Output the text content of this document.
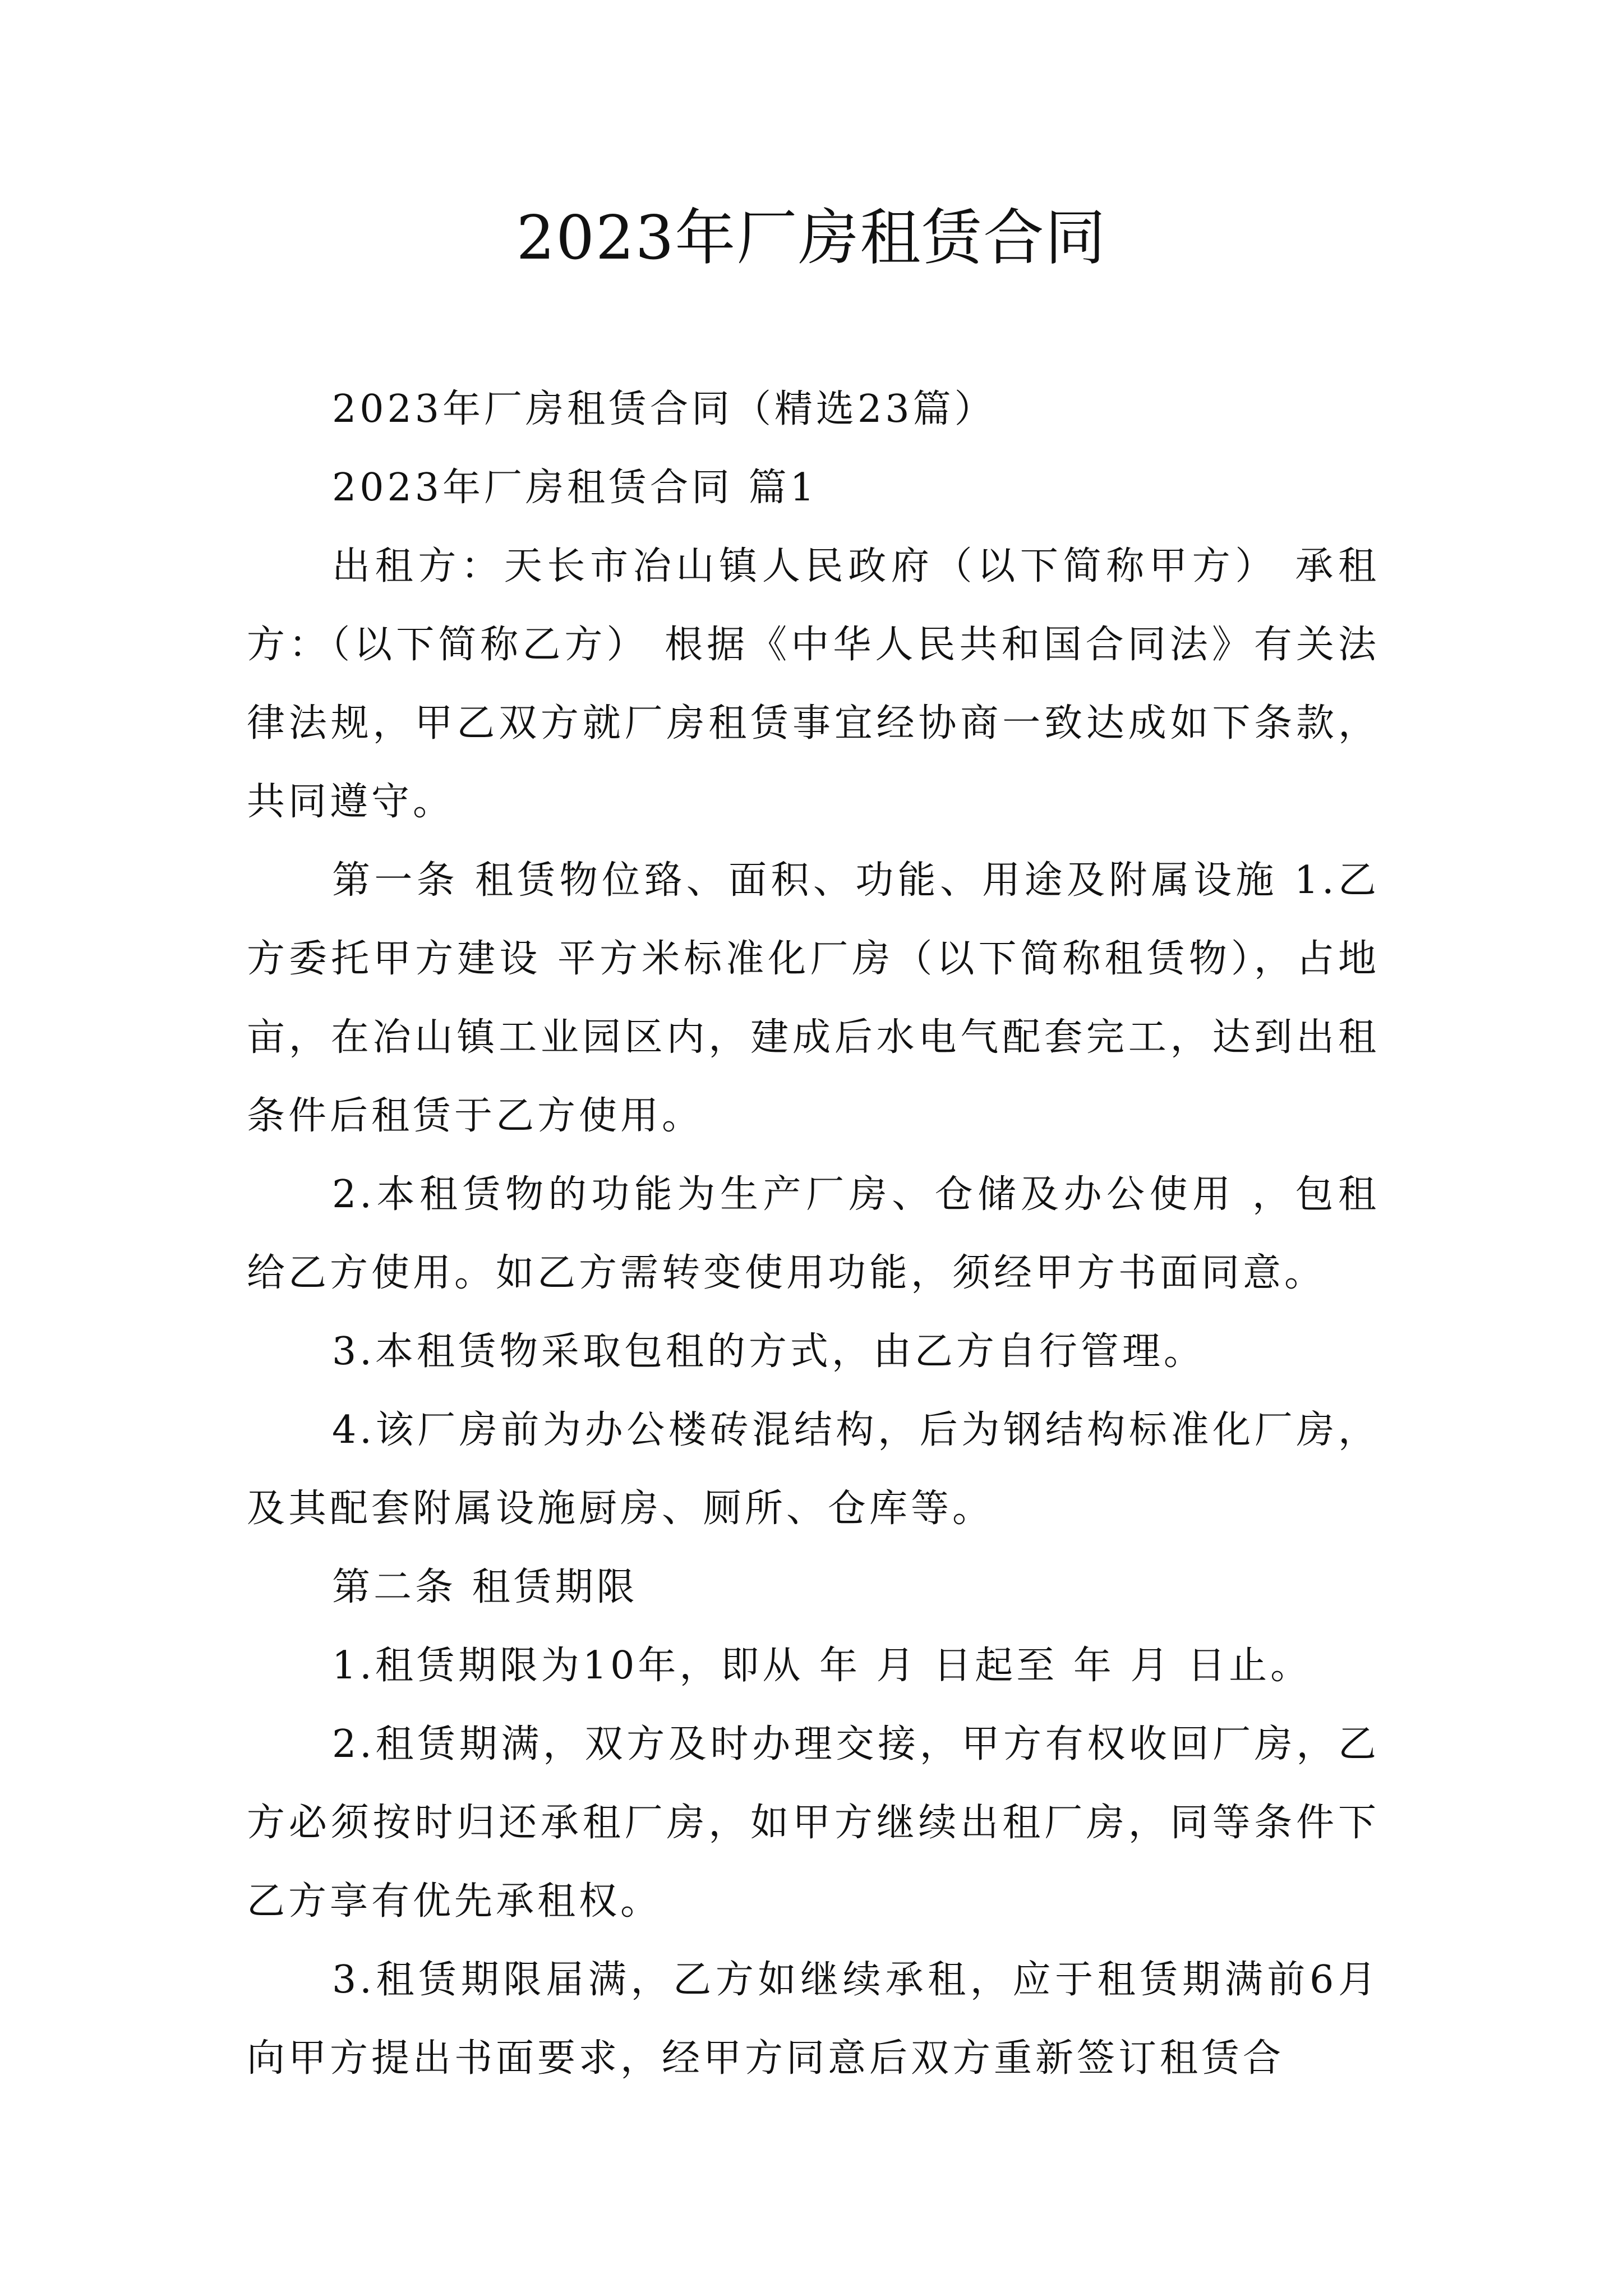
2023年厂房租赁合同

2023年厂房租赁合同（精选23篇）

2023年厂房租赁合同 篇1

出租方：天长市冶山镇人民政府（以下简称甲方） 承租方：（以下简称乙方） 根据《中华人民共和国合同法》有关法律法规，甲乙双方就厂房租赁事宜经协商一致达成如下条款，共同遵守。

第一条 租赁物位臵、面积、功能、用途及附属设施 1.乙方委托甲方建设 平方米标准化厂房（以下简称租赁物），占地 亩，在冶山镇工业园区内，建成后水电气配套完工，达到出租条件后租赁于乙方使用。

2.本租赁物的功能为生产厂房、仓储及办公使用 ，包租给乙方使用。如乙方需转变使用功能，须经甲方书面同意。

3.本租赁物采取包租的方式，由乙方自行管理。

4.该厂房前为办公楼砖混结构，后为钢结构标准化厂房，及其配套附属设施厨房、厕所、仓库等。

第二条 租赁期限

1.租赁期限为10年，即从 年 月 日起至 年 月 日止。

2.租赁期满，双方及时办理交接，甲方有权收回厂房，乙方必须按时归还承租厂房，如甲方继续出租厂房，同等条件下乙方享有优先承租权。

3.租赁期限届满，乙方如继续承租，应于租赁期满前6月向甲方提出书面要求，经甲方同意后双方重新签订租赁合
